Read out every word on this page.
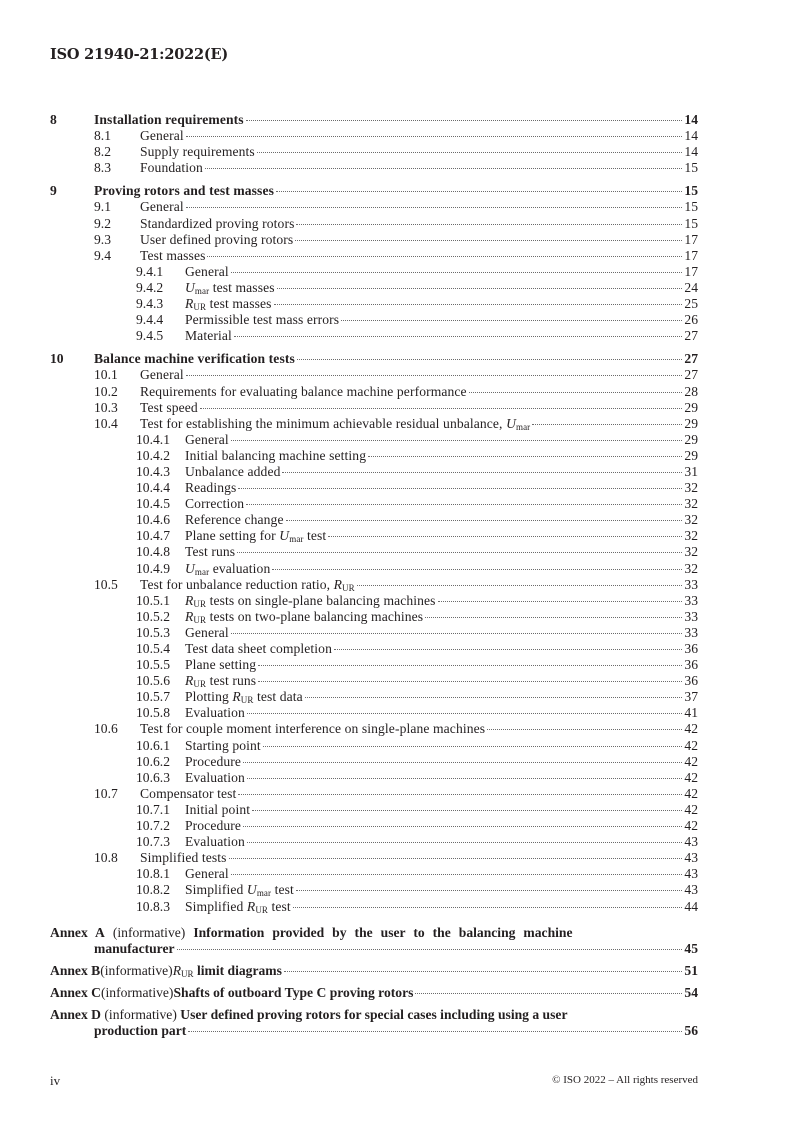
ISO 21940-21:2022(E)
8	Installation requirements	14
8.1 General	14
8.2 Supply requirements	14
8.3 Foundation	15
9	Proving rotors and test masses	15
9.1 General	15
9.2 Standardized proving rotors	15
9.3 User defined proving rotors	17
9.4 Test masses	17
9.4.1 General	17
9.4.2 $U_{mar}$ test masses	24
9.4.3 $R_{UR}$ test masses	25
9.4.4 Permissible test mass errors	26
9.4.5 Material	27
10 Balance machine verification tests	27
10.1 General	27
10.2 Requirements for evaluating balance machine performance	28
10.3 Test speed	29
10.4 Test for establishing the minimum achievable residual unbalance, $U_{mar}$	29
10.4.1 General	29
10.4.2 Initial balancing machine setting	29
10.4.3 Unbalance added	31
10.4.4 Readings	32
10.4.5 Correction	32
10.4.6 Reference change	32
10.4.7 Plane setting for $U_{mar}$ test	32
10.4.8 Test runs	32
10.4.9 $U_{mar}$ evaluation	32
10.5 Test for unbalance reduction ratio, $R_{UR}$	33
10.5.1 $R_{UR}$ tests on single-plane balancing machines	33
10.5.2 $R_{UR}$ tests on two-plane balancing machines	33
10.5.3 General	33
10.5.4 Test data sheet completion	36
10.5.5 Plane setting	36
10.5.6 $R_{UR}$ test runs	36
10.5.7 Plotting $R_{UR}$ test data	37
10.5.8 Evaluation	41
10.6 Test for couple moment interference on single-plane machines	42
10.6.1 Starting point	42
10.6.2 Procedure	42
10.6.3 Evaluation	42
10.7 Compensator test	42
10.7.1 Initial point	42
10.7.2 Procedure	42
10.7.3 Evaluation	43
10.8 Simplified tests	43
10.8.1 General	43
10.8.2 Simplified $U_{mar}$ test	43
10.8.3 Simplified $R_{UR}$ test	44
Annex A (informative) Information provided by the user to the balancing machine
manufacturer	45
Annex B (informative) $R_{UR}$ limit diagrams	51
Annex C (informative) Shafts of outboard Type C proving rotors	54
Annex D (informative) User defined proving rotors for special cases including using a user
production part	56
iv	© ISO 2022 – All rights reserved
